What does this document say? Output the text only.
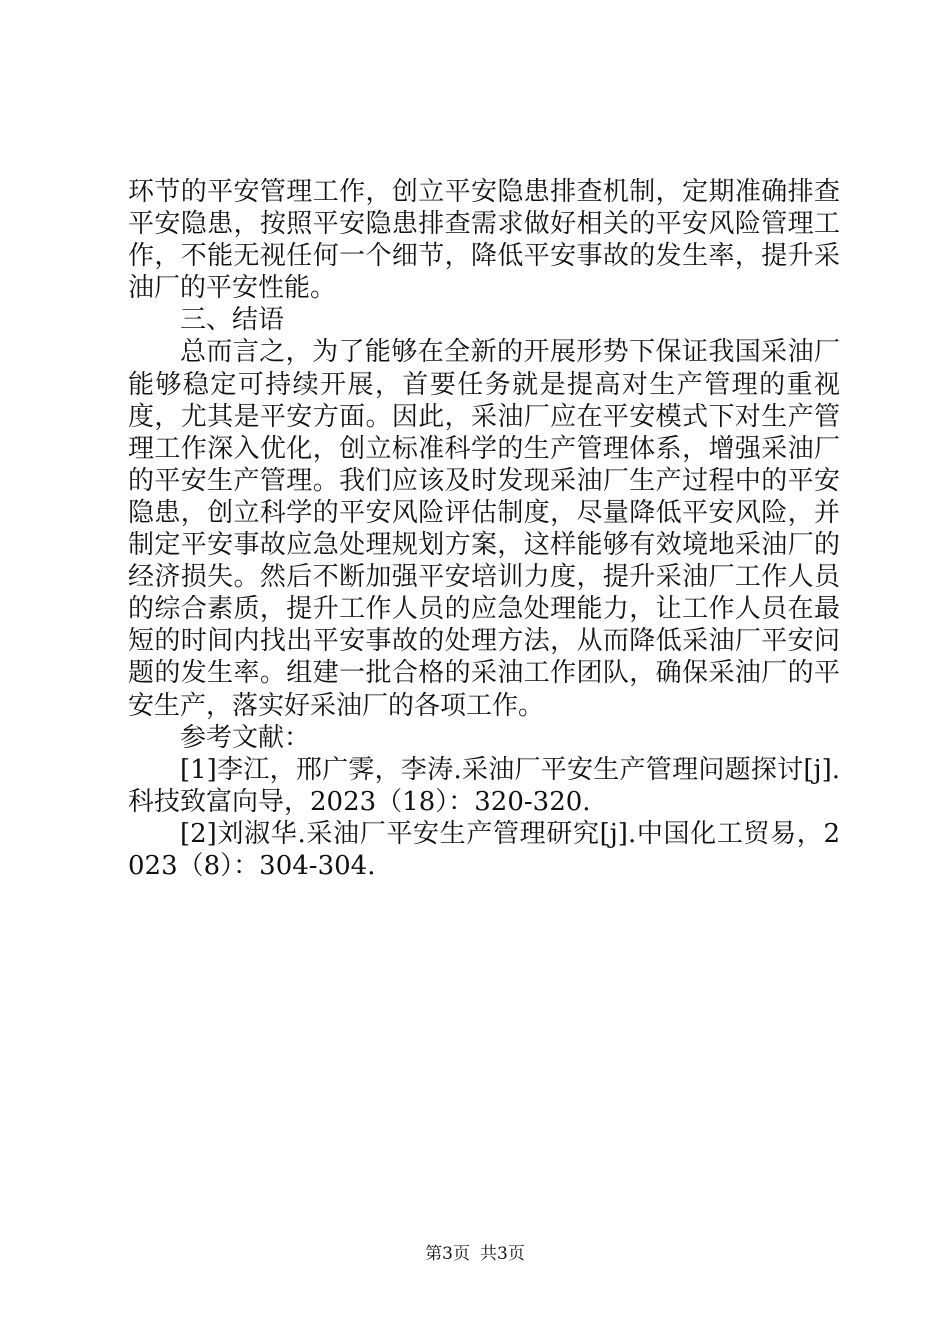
环节的平安管理工作，创立平安隐患排查机制，定期准确排查平安隐患，按照平安隐患排查需求做好相关的平安风险管理工作，不能无视任何一个细节，降低平安事故的发生率，提升采油厂的平安性能。

三、结语

总而言之，为了能够在全新的开展形势下保证我国采油厂能够稳定可持续开展，首要任务就是提高对生产管理的重视度，尤其是平安方面。因此，采油厂应在平安模式下对生产管理工作深入优化，创立标准科学的生产管理体系，增强采油厂的平安生产管理。我们应该及时发现采油厂生产过程中的平安隐患，创立科学的平安风险评估制度，尽量降低平安风险，并制定平安事故应急处理规划方案，这样能够有效境地采油厂的经济损失。然后不断加强平安培训力度，提升采油厂工作人员的综合素质，提升工作人员的应急处理能力，让工作人员在最短的时间内找出平安事故的处理方法，从而降低采油厂平安问题的发生率。组建一批合格的采油工作团队，确保采油厂的平安生产，落实好采油厂的各项工作。

参考文献：

[1]李江，邢广霁，李涛.采油厂平安生产管理问题探讨[j].科技致富向导，2023（18）：320-320.

[2]刘淑华.采油厂平安生产管理研究[j].中国化工贸易，2023（8）：304-304.

第3页 共3页
